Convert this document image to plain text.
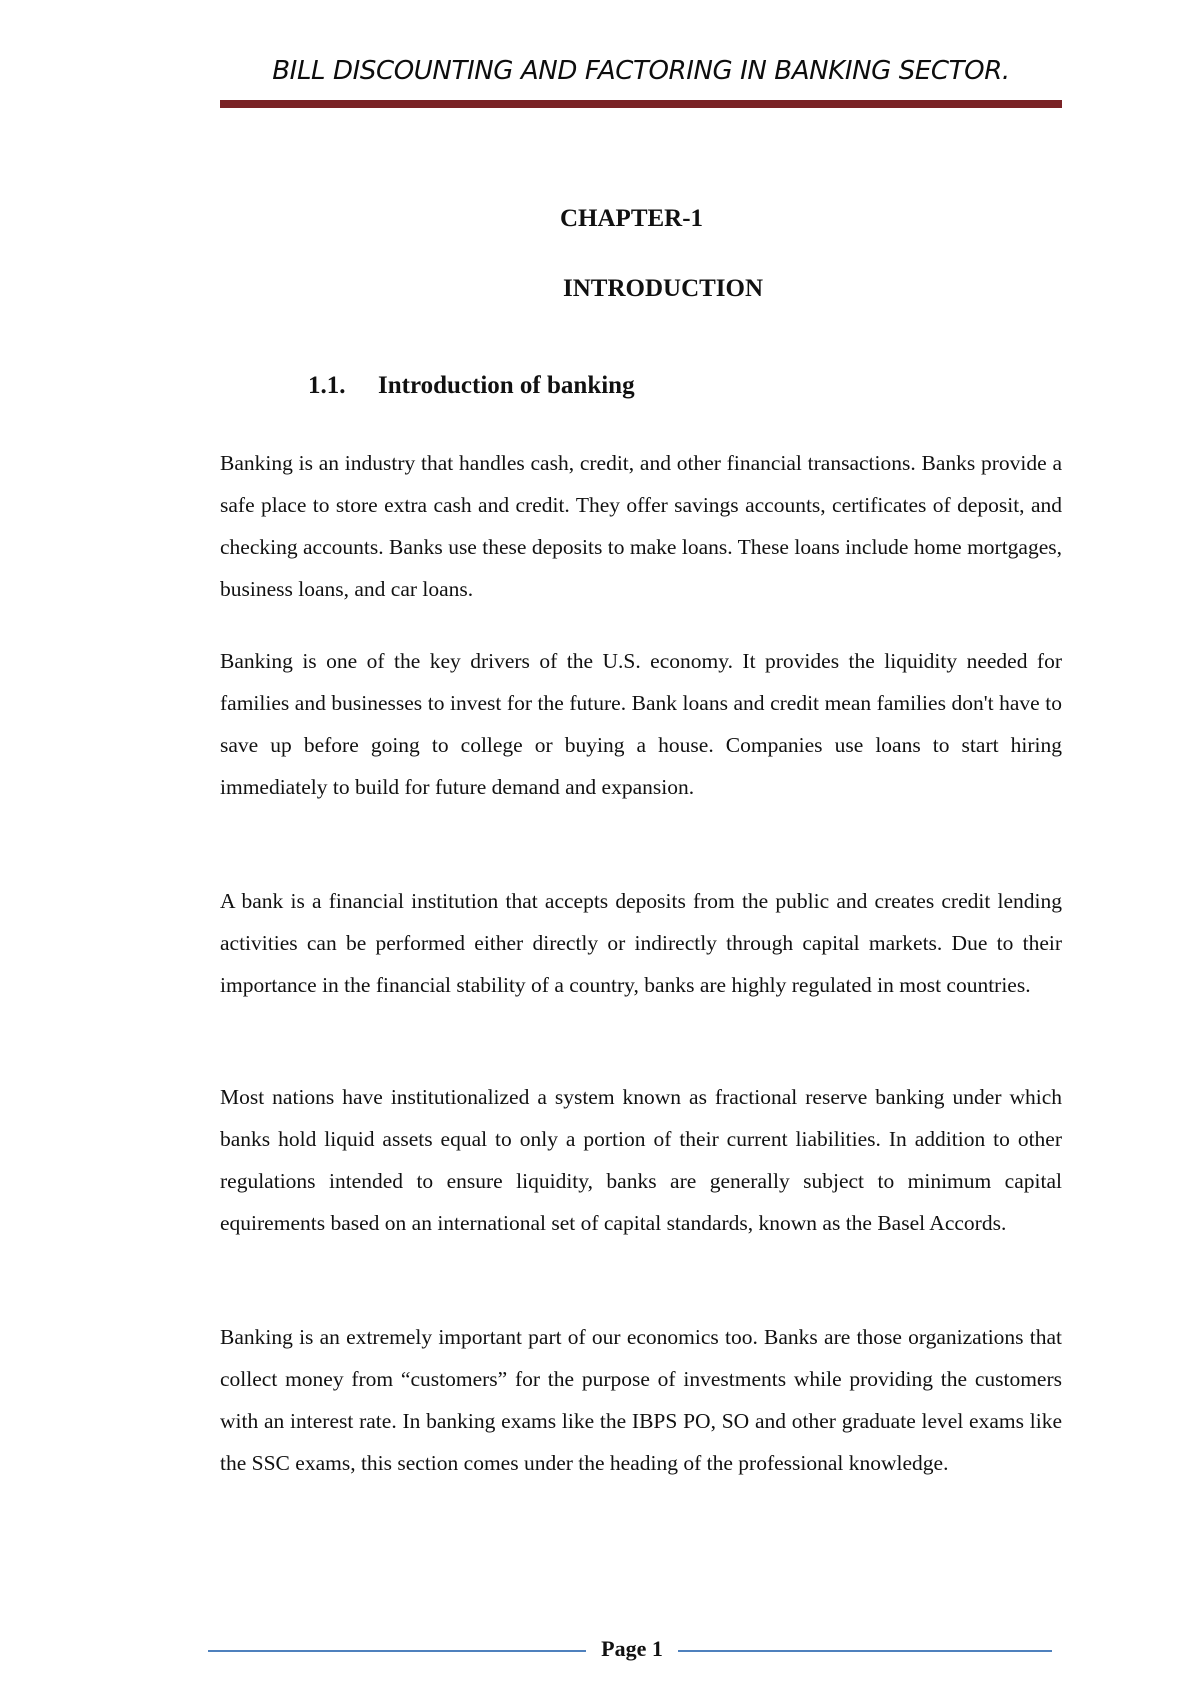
BILL DISCOUNTING AND FACTORING IN BANKING SECTOR.
CHAPTER-1
INTRODUCTION
1.1. Introduction of banking

Banking is an industry that handles cash, credit, and other financial transactions. Banks provide a safe place to store extra cash and credit. They offer savings accounts, certificates of deposit, and checking accounts. Banks use these deposits to make loans. These loans include home mortgages, business loans, and car loans.

Banking is one of the key drivers of the U.S. economy. It provides the liquidity needed for families and businesses to invest for the future. Bank loans and credit mean families don't have to save up before going to college or buying a house. Companies use loans to start hiring immediately to build for future demand and expansion.

A bank is a financial institution that accepts deposits from the public and creates credit lending activities can be performed either directly or indirectly through capital markets. Due to their importance in the financial stability of a country, banks are highly regulated in most countries.

Most nations have institutionalized a system known as fractional reserve banking under which banks hold liquid assets equal to only a portion of their current liabilities. In addition to other regulations intended to ensure liquidity, banks are generally subject to minimum capital equirements based on an international set of capital standards, known as the Basel Accords.

Banking is an extremely important part of our economics too. Banks are those organizations that collect money from “customers” for the purpose of investments while providing the customers with an interest rate. In banking exams like the IBPS PO, SO and other graduate level exams like the SSC exams, this section comes under the heading of the professional knowledge.

Page 1
